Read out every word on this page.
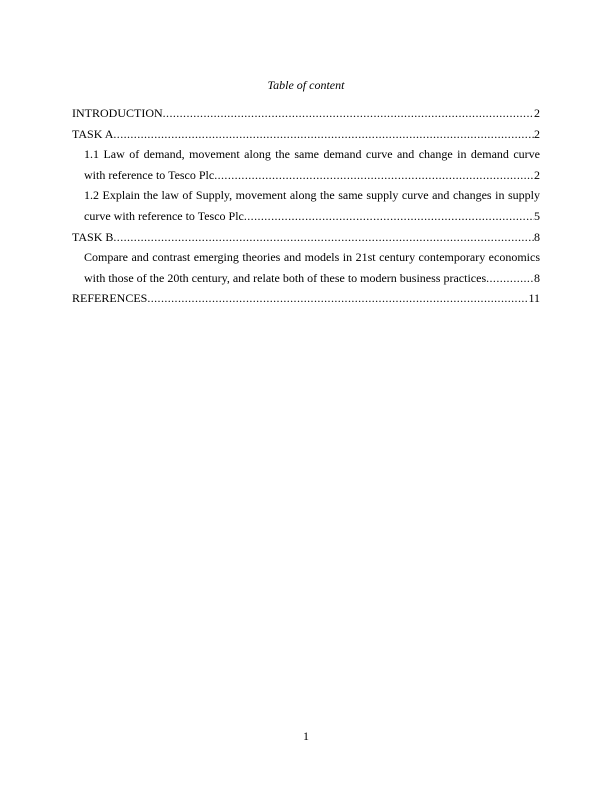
Table of content
INTRODUCTION .....	2
TASK A .....	2
1.1 Law of demand, movement along the same demand curve and change in demand curve
with reference to Tesco Plc .....	2
1.2 Explain the law of Supply, movement along the same supply curve and changes in supply
curve with reference to Tesco Plc .....	5
TASK B .....	8
Compare and contrast emerging theories and models in 21st century contemporary economics
with those of the 20th century, and relate both of these to modern business practices .....	8
REFERENCES .....	11
1
